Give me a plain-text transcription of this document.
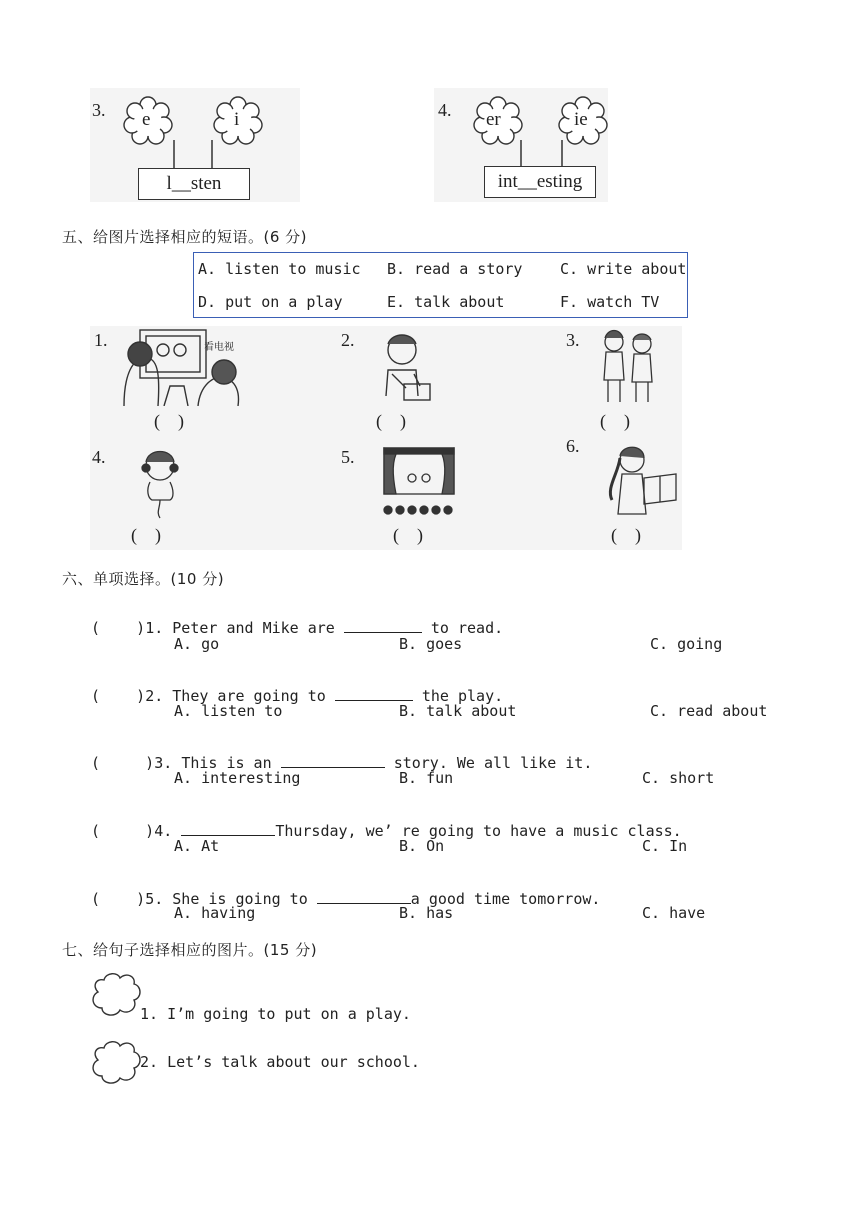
3. e	i
l__sten
4. er	ie
int__esting
五、给图片选择相应的短语。(6 分)
A. listen to music B. read a story	C. write about
D. put on a play	E. talk about	F. watch TV
1.	看电视
(    )
2.
(    )
3.
(    )
4.
(    )
5.
(    )
6.
(    )
六、单项选择。(10 分)

(    )1. Peter and Mike are	to read.

A. go	B. goes	C. going

(    )2. They are going to	the play.

A. listen to	B. talk about	C. read about

(     )3. This is an	story. We all like it.

A. interesting	B. fun	C. short

(     )4.	Thursday, we’ re going to have a music class.

A. At	B. On	C. In

(    )5. She is going to	a good time tomorrow.

A. having	B. has	C. have
七、给句子选择相应的图片。(15 分)
1. I’m going to put on a play.
2. Let’s talk about our school.
